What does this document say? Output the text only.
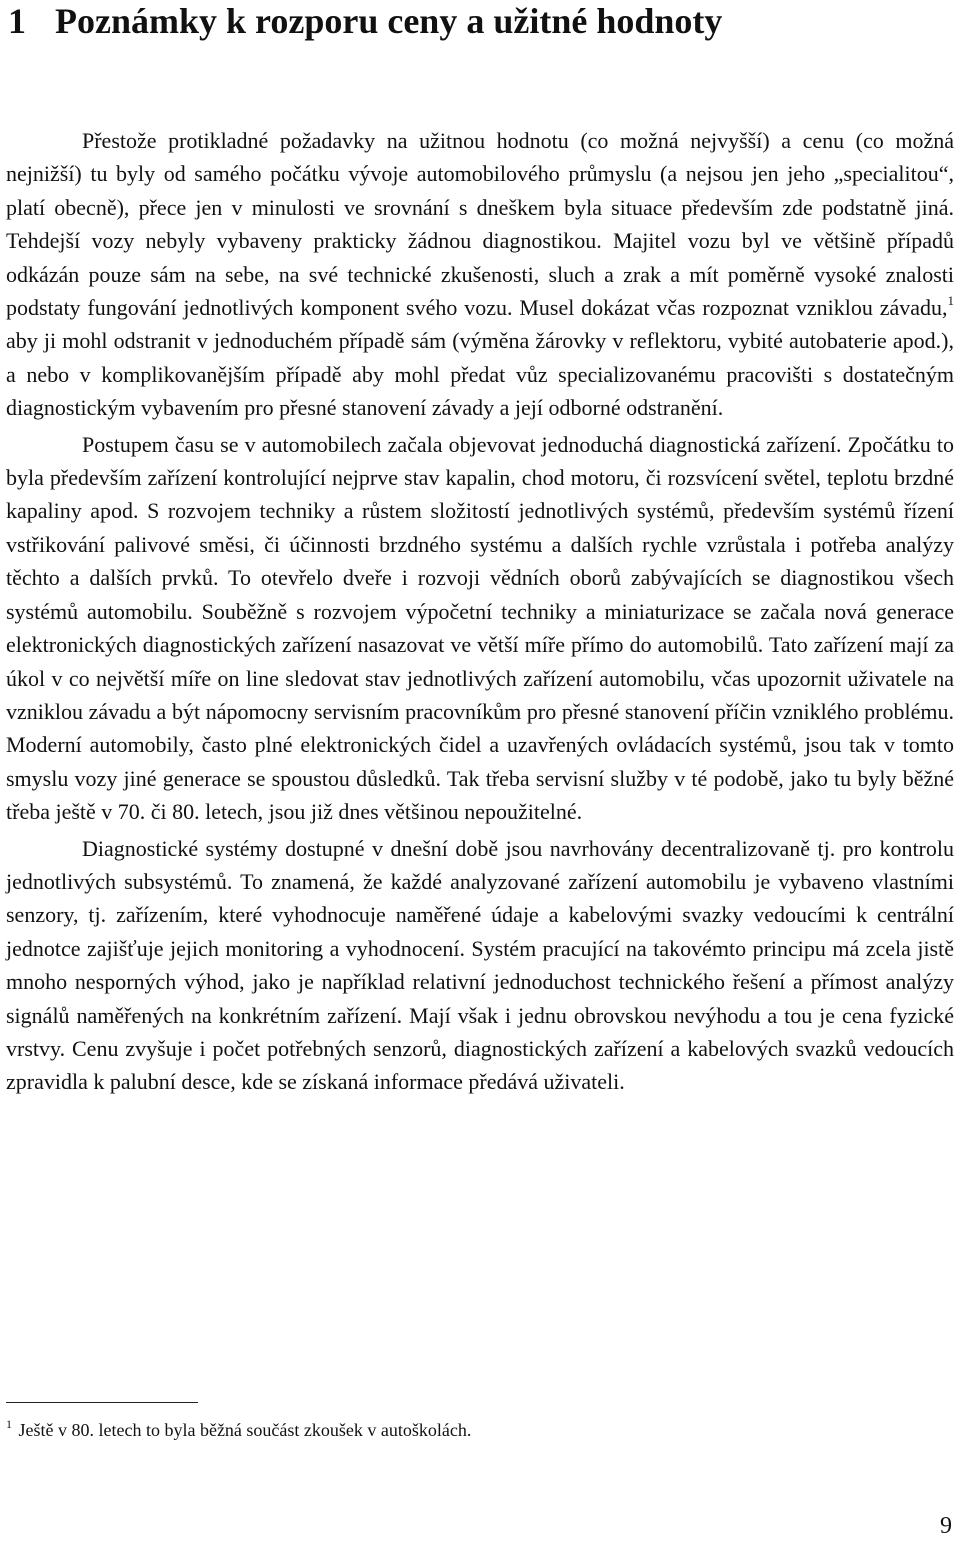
1 Poznámky k rozporu ceny a užitné hodnoty

Přestože protikladné požadavky na užitnou hodnotu (co možná nejvyšší) a cenu (co možná nejnižší) tu byly od samého počátku vývoje automobilového průmyslu (a nejsou jen jeho „specialitou“, platí obecně), přece jen v minulosti ve srovnání s dneškem byla situace především zde podstatně jiná. Tehdejší vozy nebyly vybaveny prakticky žádnou diagnostikou. Majitel vozu byl ve většině případů odkázán pouze sám na sebe, na své technické zkušenosti, sluch a zrak a mít poměrně vysoké znalosti podstaty fungování jednotlivých komponent svého vozu. Musel dokázat včas rozpoznat vzniklou závadu,$^1$ aby ji mohl odstranit v jednoduchém případě sám (výměna žárovky v reflektoru, vybité autobaterie apod.), a nebo v komplikovanějším případě aby mohl předat vůz specializovanému pracovišti s dostatečným diagnostickým vybavením pro přesné stanovení závady a její odborné odstranění.

Postupem času se v automobilech začala objevovat jednoduchá diagnostická zařízení. Zpočátku to byla především zařízení kontrolující nejprve stav kapalin, chod motoru, či rozsvícení světel, teplotu brzdné kapaliny apod. S rozvojem techniky a růstem složitostí jednotlivých systémů, především systémů řízení vstřikování palivové směsi, či účinnosti brzdného systému a dalších rychle vzrůstala i potřeba analýzy těchto a dalších prvků. To otevřelo dveře i rozvoji vědních oborů zabývajících se diagnostikou všech systémů automobilu. Souběžně s rozvojem výpočetní techniky a miniaturizace se začala nová generace elektronických diagnostických zařízení nasazovat ve větší míře přímo do automobilů. Tato zařízení mají za úkol v co největší míře on line sledovat stav jednotlivých zařízení automobilu, včas upozornit uživatele na vzniklou závadu a být nápomocny servisním pracovníkům pro přesné stanovení příčin vzniklého problému. Moderní automobily, často plné elektronických čidel a uzavřených ovládacích systémů, jsou tak v tomto smyslu vozy jiné generace se spoustou důsledků. Tak třeba servisní služby v té podobě, jako tu byly běžné třeba ještě v 70. či 80. letech, jsou již dnes většinou nepoužitelné.

Diagnostické systémy dostupné v dnešní době jsou navrhovány decentralizovaně tj. pro kontrolu jednotlivých subsystémů. To znamená, že každé analyzované zařízení automobilu je vybaveno vlastními senzory, tj. zařízením, které vyhodnocuje naměřené údaje a kabelovými svazky vedoucími k centrální jednotce zajišťuje jejich monitoring a vyhodnocení. Systém pracující na takovémto principu má zcela jistě mnoho nesporných výhod, jako je například relativní jednoduchost technického řešení a přímost analýzy signálů naměřených na konkrétním zařízení. Mají však i jednu obrovskou nevýhodu a tou je cena fyzické vrstvy. Cenu zvyšuje i počet potřebných senzorů, diagnostických zařízení a kabelových svazků vedoucích zpravidla k palubní desce, kde se získaná informace předává uživateli.

$^1$ Ještě v 80. letech to byla běžná součást zkoušek v autoškolách.

9
